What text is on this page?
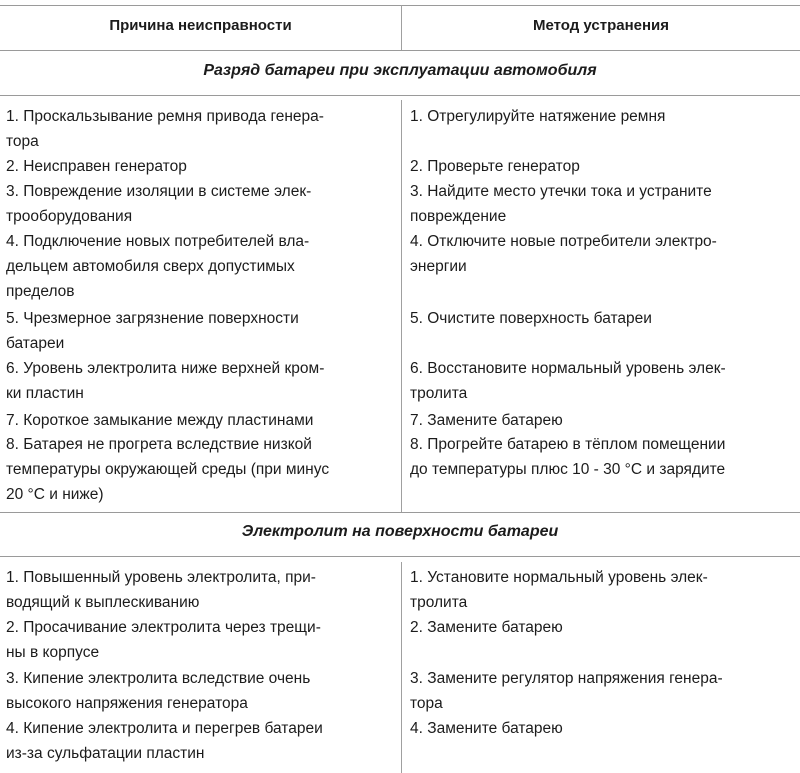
Причина неисправности	Метод устранения
Разряд батареи при эксплуатации автомобиля
1. Проскальзывание ремня привода генера-
тора
2. Неисправен генератор
3. Повреждение изоляции в системе элек-
трооборудования
4. Подключение новых потребителей вла-
дельцем автомобиля сверх допустимых
пределов
5. Чрезмерное загрязнение поверхности
батареи
6. Уровень электролита ниже верхней кром-
ки пластин
7. Короткое замыкание между пластинами
8. Батарея не прогрета вследствие низкой
температуры окружающей среды (при минус
20 °С и ниже)
1. Отрегулируйте натяжение ремня
2. Проверьте генератор
3. Найдите место утечки тока и устраните
повреждение
4. Отключите новые потребители электро-
энергии
5. Очистите поверхность батареи
6. Восстановите нормальный уровень элек-
тролита
7. Замените батарею
8. Прогрейте батарею в тёплом помещении
до температуры плюс 10 - 30 °С и зарядите
Электролит на поверхности батареи
1. Повышенный уровень электролита, при-
водящий к выплескиванию
2. Просачивание электролита через трещи-
ны в корпусе
3. Кипение электролита вследствие очень
высокого напряжения генератора
4. Кипение электролита и перегрев батареи
из-за сульфатации пластин
1. Установите нормальный уровень элек-
тролита
2. Замените батарею
3. Замените регулятор напряжения генера-
тора
4. Замените батарею
